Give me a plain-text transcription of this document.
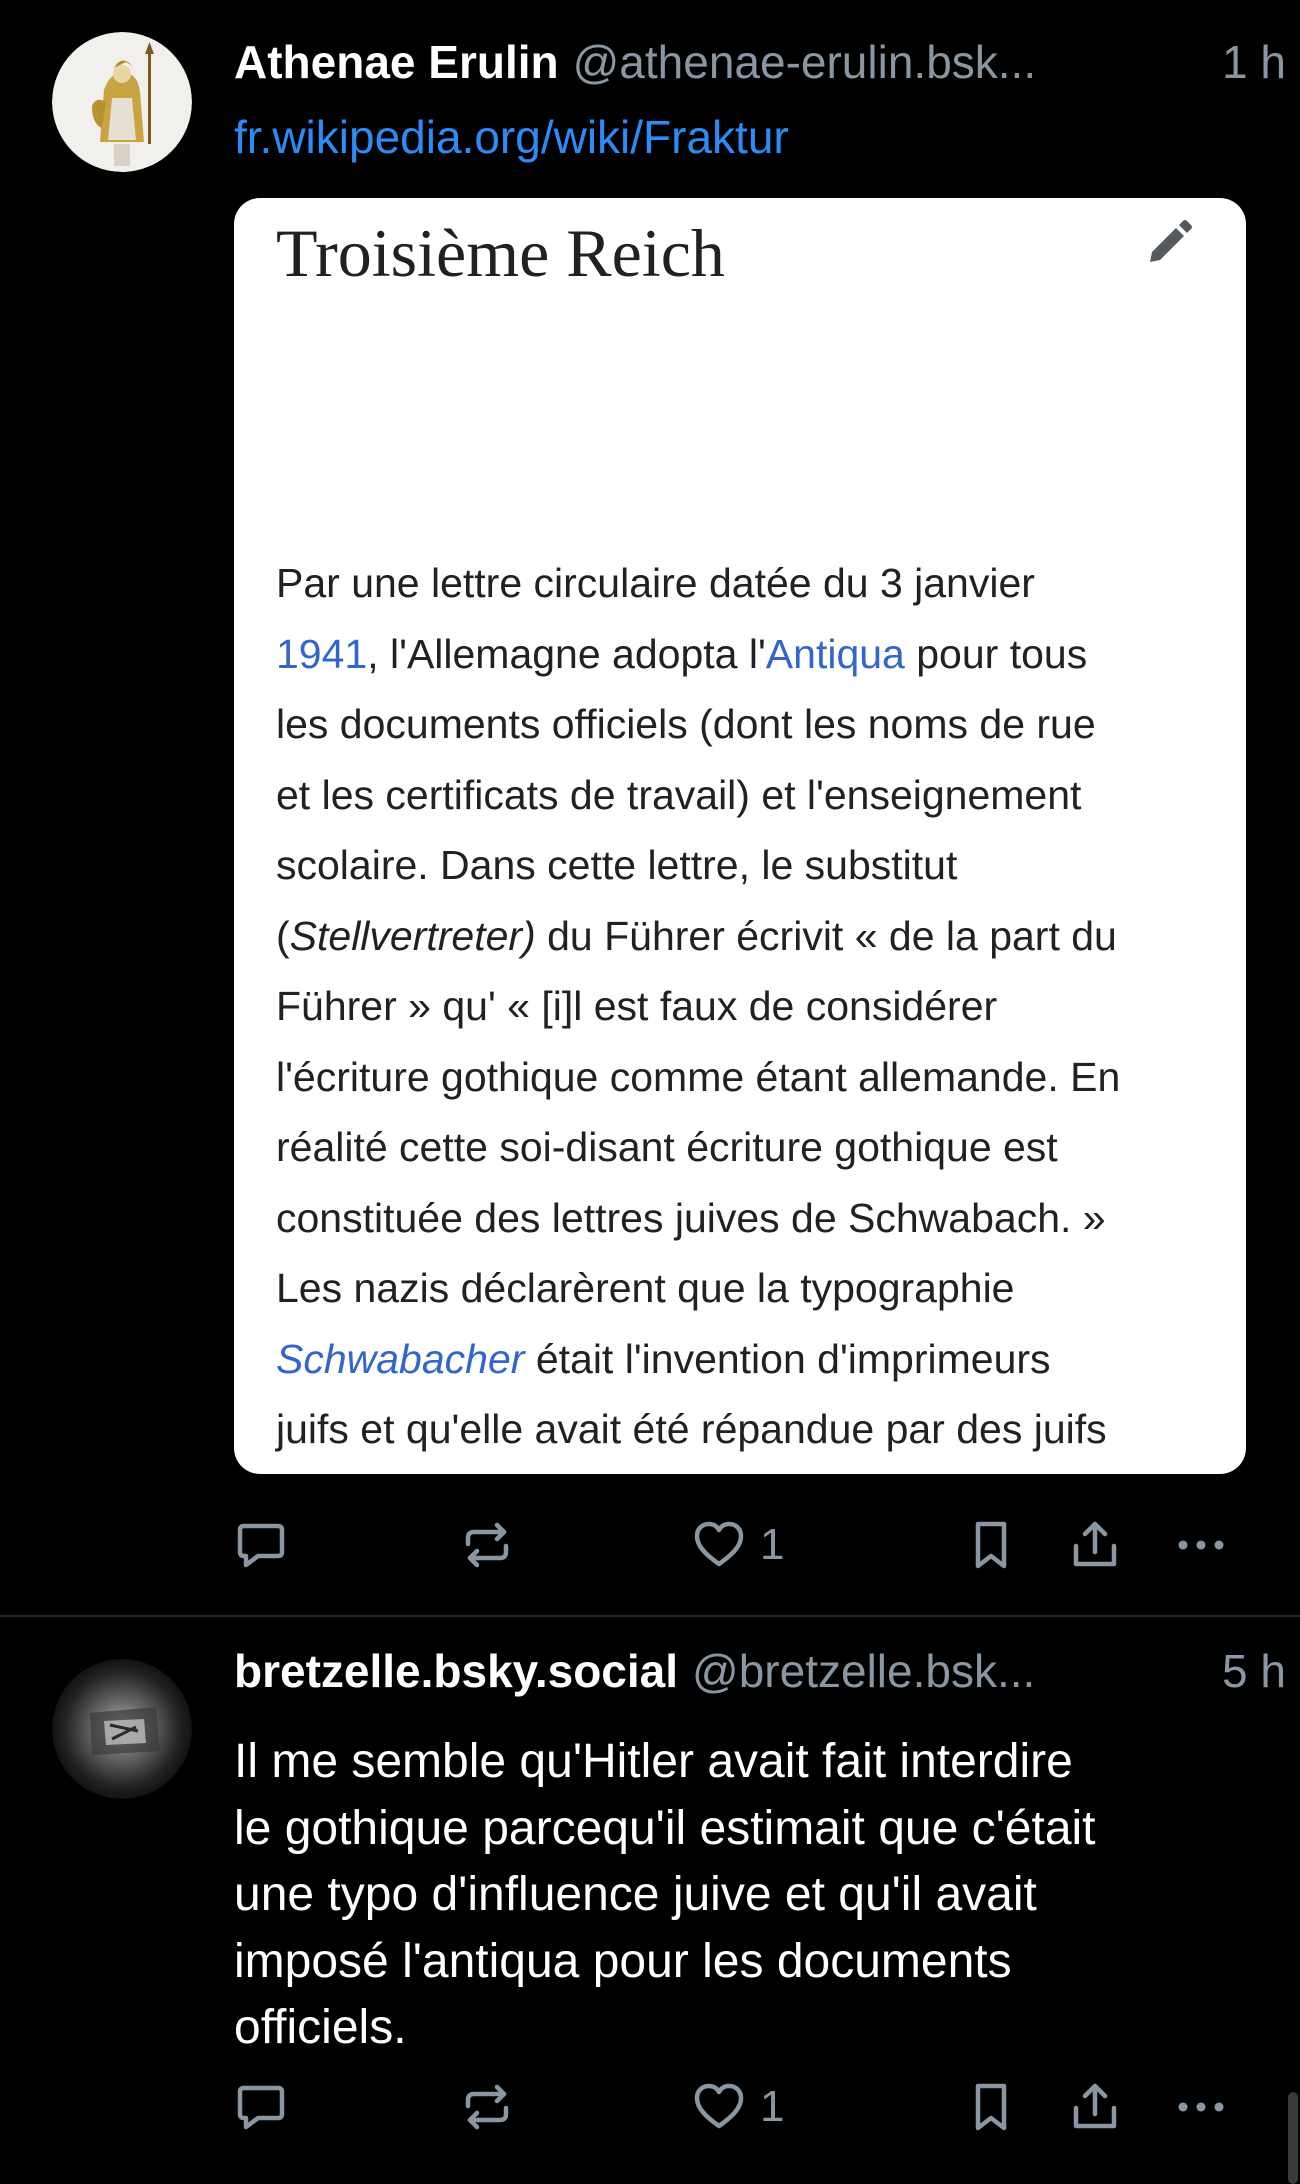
Athenae Erulin @athenae-erulin.bsk...	1 h
fr.wikipedia.org/wiki/Fraktur
Troisième Reich
Par une lettre circulaire datée du 3 janvier
1941, l'Allemagne adopta l'Antiqua pour tous
les documents officiels (dont les noms de rue
et les certificats de travail) et l'enseignement
scolaire. Dans cette lettre, le substitut
(Stellvertreter) du Führer écrivit « de la part du
Führer » qu' « [i]l est faux de considérer
l'écriture gothique comme étant allemande. En
réalité cette soi-disant écriture gothique est
constituée des lettres juives de Schwabach. »
Les nazis déclarèrent que la typographie
Schwabacher était l'invention d'imprimeurs
juifs et qu'elle avait été répandue par des juifs
1
bretzelle.bsky.social @bretzelle.bsk...	5 h
Il me semble qu'Hitler avait fait interdire
le gothique parcequ'il estimait que c'était
une typo d'influence juive et qu'il avait
imposé l'antiqua pour les documents
officiels.
1
